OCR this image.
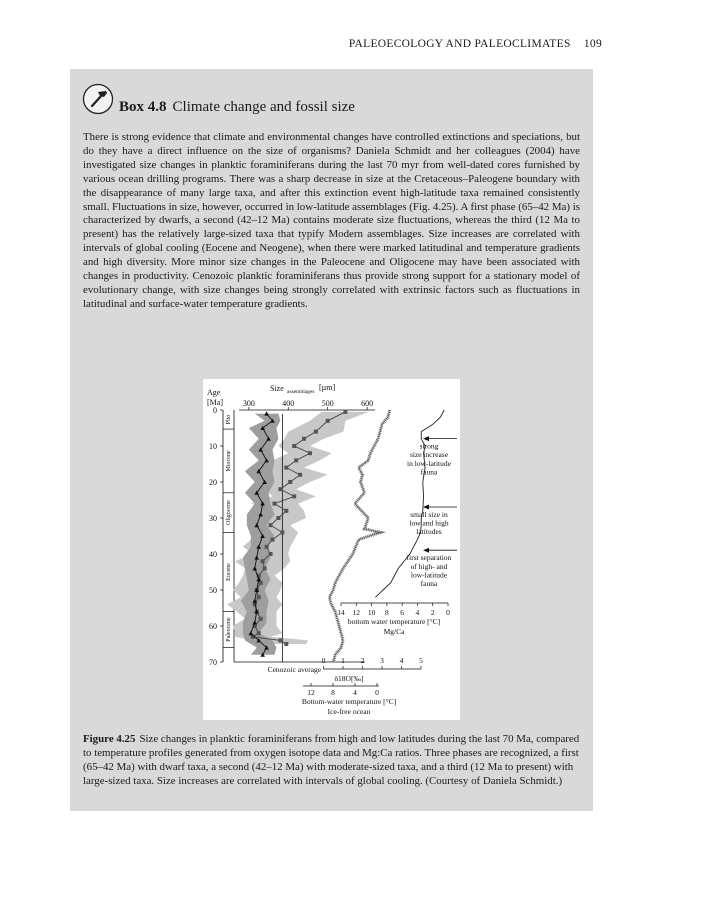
PALEOECOLOGY AND PALEOCLIMATES 109
Box 4.8 Climate change and fossil size

There is strong evidence that climate and environmental changes have controlled extinctions and speciations, but do they have a direct influence on the size of organisms? Daniela Schmidt and her colleagues (2004) have investigated size changes in planktic foraminiferans during the last 70 myr from well-dated cores furnished by various ocean drilling programs. There was a sharp decrease in size at the Cretaceous–Paleogene boundary with the disappearance of many large taxa, and after this extinction event high-latitude taxa remained consistently small. Fluctuations in size, however, occurred in low-latitude assemblages (Fig. 4.25). A first phase (65–42 Ma) is characterized by dwarfs, a second (42–12 Ma) contains moderate size fluctuations, whereas the third (12 Ma to present) has the relatively large-sized taxa that typify Modern assemblages. Size increases are correlated with intervals of global cooling (Eocene and Neogene), when there were marked latitudinal and temperature gradients and high diversity. More minor size changes in the Paleocene and Oligocene may have been associated with changes in productivity. Cenozoic planktic foraminiferans thus provide strong support for a stationary model of evolutionary change, with size changes being strongly correlated with extrinsic factors such as fluctuations in latitudinal and surface-water temperature gradients.

Age
[Ma]
Size assemblages [µm]
300	400	500	600
0
10
20
30
40
50
60
70
Plio
Miocene
Oligocene
Eocene
Paleocene
Cenozoic average
0 1 2 3 4 5
δ18O[‰]
12 8 4 0
Bottom-water temperature [°C]
Ice-free ocean
14 12 10 8 6 4 2 0
bottom water temperature [°C]
Mg/Ca
strong
size increase
in low-latitude
fauna
small size in
low and high
latitudes
first separation
of high- and
low-latitude
fauna

Figure 4.25 Size changes in planktic foraminiferans from high and low latitudes during the last 70 Ma, compared to temperature profiles generated from oxygen isotope data and Mg:Ca ratios. Three phases are recognized, a first (65–42 Ma) with dwarf taxa, a second (42–12 Ma) with moderate-sized taxa, and a third (12 Ma to present) with large-sized taxa. Size increases are correlated with intervals of global cooling. (Courtesy of Daniela Schmidt.)
